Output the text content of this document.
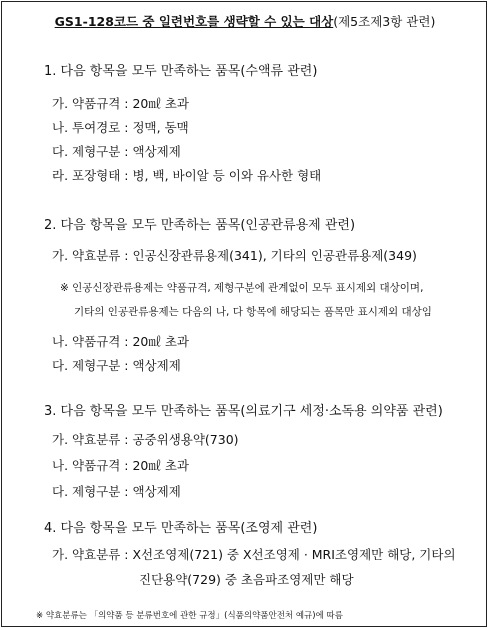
GS1-128코드 중 일련번호를 생략할 수 있는 대상(제5조제3항 관련)
1. 다음 항목을 모두 만족하는 품목(수액류 관련)
가. 약품규격 : 20㎖ 초과
나. 투여경로 : 정맥, 동맥
다. 제형구분 : 액상제제
라. 포장형태 : 병, 백, 바이알 등 이와 유사한 형태
2. 다음 항목을 모두 만족하는 품목(인공관류용제 관련)
가. 약효분류 : 인공신장관류용제(341), 기타의 인공관류용제(349)
※ 인공신장관류용제는 약품규격, 제형구분에 관계없이 모두 표시제외 대상이며,
기타의 인공관류용제는 다음의 나, 다 항목에 해당되는 품목만 표시제외 대상임
나. 약품규격 : 20㎖ 초과
다. 제형구분 : 액상제제
3. 다음 항목을 모두 만족하는 품목(의료기구 세정·소독용 의약품 관련)
가. 약효분류 : 공중위생용약(730)
나. 약품규격 : 20㎖ 초과
다. 제형구분 : 액상제제
4. 다음 항목을 모두 만족하는 품목(조영제 관련)
가. 약효분류 : X선조영제(721) 중 X선조영제 · MRI조영제만 해당, 기타의
진단용약(729) 중 초음파조영제만 해당
※ 약효분류는 「의약품 등 분류번호에 관한 규정」(식품의약품안전처 예규)에 따름
